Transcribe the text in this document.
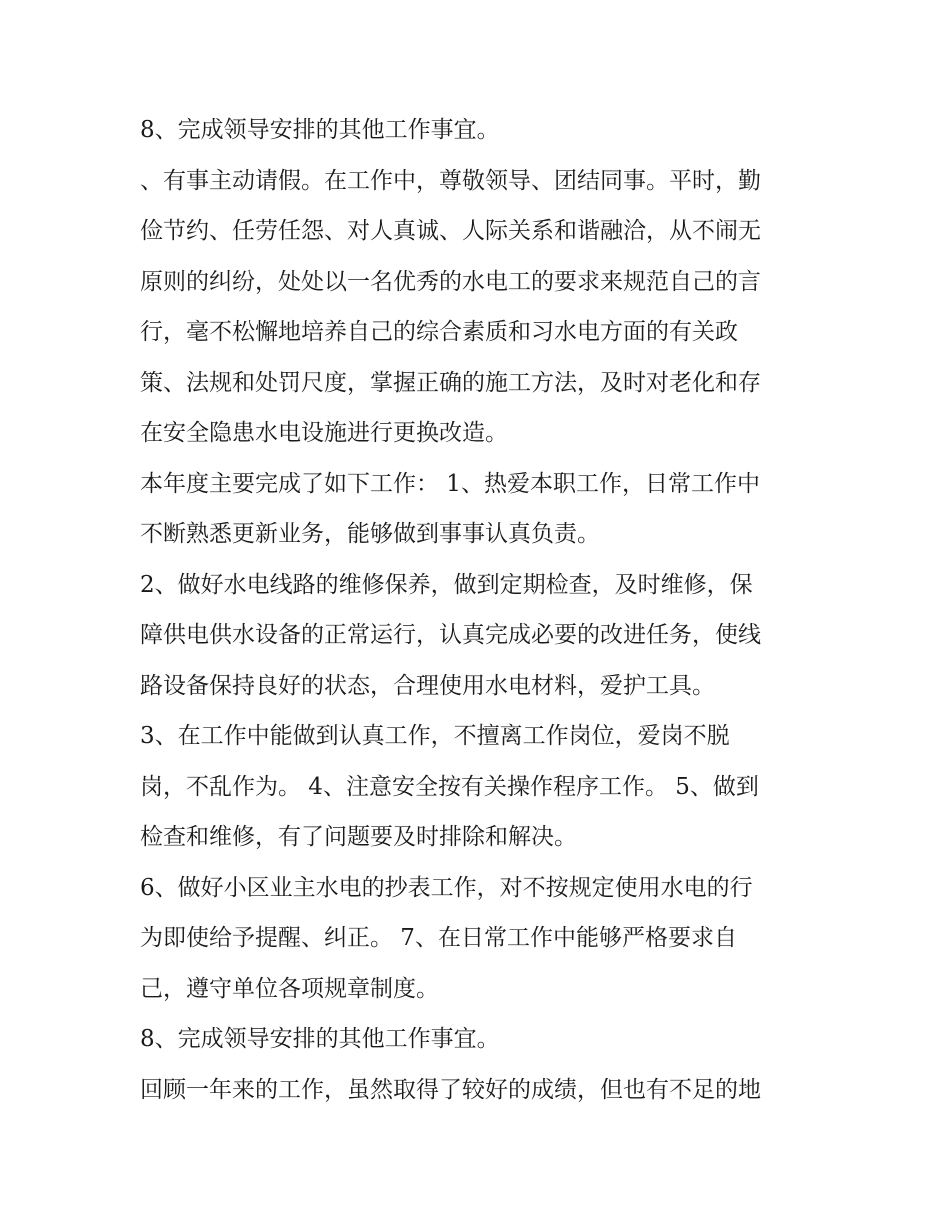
8、完成领导安排的其他工作事宜。
、有事主动请假。在工作中，尊敬领导、团结同事。平时，勤
俭节约、任劳任怨、对人真诚、人际关系和谐融洽，从不闹无
原则的纠纷，处处以一名优秀的水电工的要求来规范自己的言
行，毫不松懈地培养自己的综合素质和习水电方面的有关政
策、法规和处罚尺度，掌握正确的施工方法，及时对老化和存
在安全隐患水电设施进行更换改造。
本年度主要完成了如下工作： 1、热爱本职工作，日常工作中
不断熟悉更新业务，能够做到事事认真负责。
2、做好水电线路的维修保养，做到定期检查，及时维修，保
障供电供水设备的正常运行，认真完成必要的改进任务，使线
路设备保持良好的状态，合理使用水电材料，爱护工具。
3、在工作中能做到认真工作，不擅离工作岗位，爱岗不脱
岗，不乱作为。 4、注意安全按有关操作程序工作。 5、做到
检查和维修，有了问题要及时排除和解决。
6、做好小区业主水电的抄表工作，对不按规定使用水电的行
为即使给予提醒、纠正。 7、在日常工作中能够严格要求自
己，遵守单位各项规章制度。
8、完成领导安排的其他工作事宜。
回顾一年来的工作，虽然取得了较好的成绩，但也有不足的地
